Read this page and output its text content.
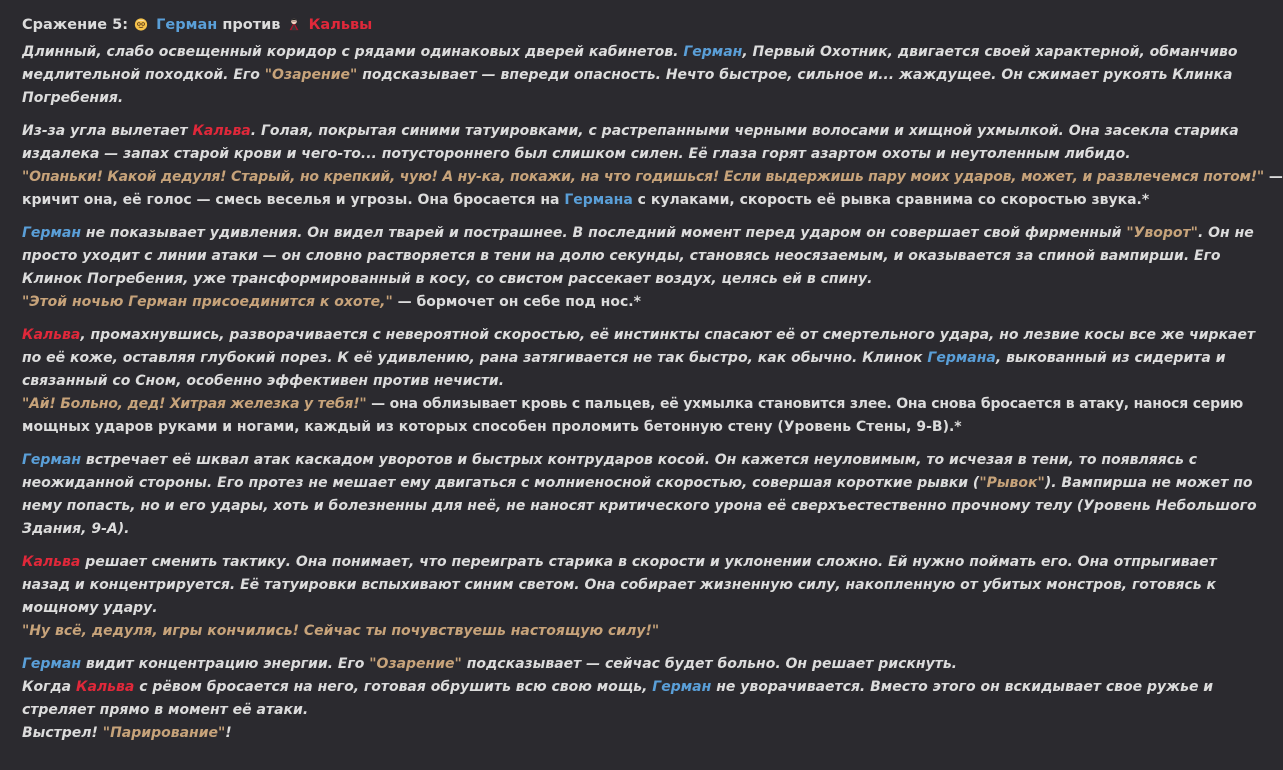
Сражение 5: Герман против Кальвы
Длинный, слабо освещенный коридор с рядами одинаковых дверей кабинетов. Герман, Первый Охотник, двигается своей характерной, обманчиво
медлительной походкой. Его "Озарение" подсказывает — впереди опасность. Нечто быстрое, сильное и... жаждущее. Он сжимает рукоять Клинка
Погребения.
Из-за угла вылетает Кальва. Голая, покрытая синими татуировками, с растрепанными черными волосами и хищной ухмылкой. Она засекла старика
издалека — запах старой крови и чего-то... потустороннего был слишком силен. Её глаза горят азартом охоты и неутоленным либидо.
"Опаньки! Какой дедуля! Старый, но крепкий, чую! А ну-ка, покажи, на что годишься! Если выдержишь пару моих ударов, может, и развлечемся потом!" —
кричит она, её голос — смесь веселья и угрозы. Она бросается на Германа с кулаками, скорость её рывка сравнима со скоростью звука.*
Герман не показывает удивления. Он видел тварей и пострашнее. В последний момент перед ударом он совершает свой фирменный "Уворот". Он не
просто уходит с линии атаки — он словно растворяется в тени на долю секунды, становясь неосязаемым, и оказывается за спиной вампирши. Его
Клинок Погребения, уже трансформированный в косу, со свистом рассекает воздух, целясь ей в спину.
"Этой ночью Герман присоединится к охоте," — бормочет он себе под нос.*
Кальва, промахнувшись, разворачивается с невероятной скоростью, её инстинкты спасают её от смертельного удара, но лезвие косы все же чиркает
по её коже, оставляя глубокий порез. К её удивлению, рана затягивается не так быстро, как обычно. Клинок Германа, выкованный из сидерита и
связанный со Сном, особенно эффективен против нечисти.
"Ай! Больно, дед! Хитрая железка у тебя!" — она облизывает кровь с пальцев, её ухмылка становится злее. Она снова бросается в атаку, нанося серию
мощных ударов руками и ногами, каждый из которых способен проломить бетонную стену (Уровень Стены, 9-B).*
Герман встречает её шквал атак каскадом уворотов и быстрых контрударов косой. Он кажется неуловимым, то исчезая в тени, то появляясь с
неожиданной стороны. Его протез не мешает ему двигаться с молниеносной скоростью, совершая короткие рывки ("Рывок"). Вампирша не может по
нему попасть, но и его удары, хоть и болезненны для неё, не наносят критического урона её сверхъестественно прочному телу (Уровень Небольшого
Здания, 9-A).
Кальва решает сменить тактику. Она понимает, что переиграть старика в скорости и уклонении сложно. Ей нужно поймать его. Она отпрыгивает
назад и концентрируется. Её татуировки вспыхивают синим светом. Она собирает жизненную силу, накопленную от убитых монстров, готовясь к
мощному удару.
"Ну всё, дедуля, игры кончились! Сейчас ты почувствуешь настоящую силу!"
Герман видит концентрацию энергии. Его "Озарение" подсказывает — сейчас будет больно. Он решает рискнуть.
Когда Кальва с рёвом бросается на него, готовая обрушить всю свою мощь, Герман не уворачивается. Вместо этого он вскидывает свое ружье и
стреляет прямо в момент её атаки.
Выстрел! "Парирование"!
